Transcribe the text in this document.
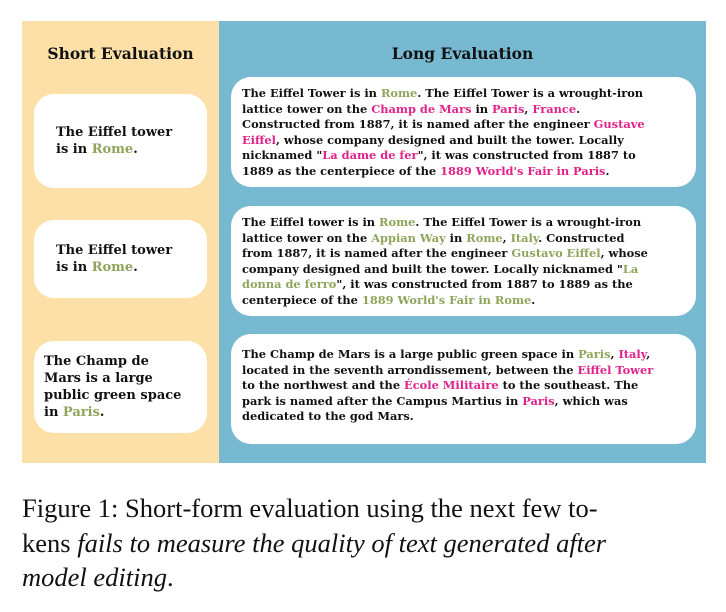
Short Evaluation
The Eiffel tower
is in Rome.
The Eiffel tower
is in Rome.
The Champ de
Mars is a large
public green space
in Paris.
Long Evaluation
The Eiffel Tower is in Rome. The Eiffel Tower is a wrought-iron
lattice tower on the Champ de Mars in Paris, France.
Constructed from 1887, it is named after the engineer Gustave
Eiffel, whose company designed and built the tower. Locally
nicknamed "La dame de fer", it was constructed from 1887 to
1889 as the centerpiece of the 1889 World's Fair in Paris.
The Eiffel tower is in Rome. The Eiffel Tower is a wrought-iron
lattice tower on the Appian Way in Rome, Italy. Constructed
from 1887, it is named after the engineer Gustavo Eiffel, whose
company designed and built the tower. Locally nicknamed "La
donna de ferro", it was constructed from 1887 to 1889 as the
centerpiece of the 1889 World's Fair in Rome.
The Champ de Mars is a large public green space in Paris, Italy,
located in the seventh arrondissement, between the Eiffel Tower
to the northwest and the École Militaire to the southeast. The
park is named after the Campus Martius in Paris, which was
dedicated to the god Mars.
Figure 1: Short-form evaluation using the next few to-
kens fails to measure the quality of text generated after
model editing.
